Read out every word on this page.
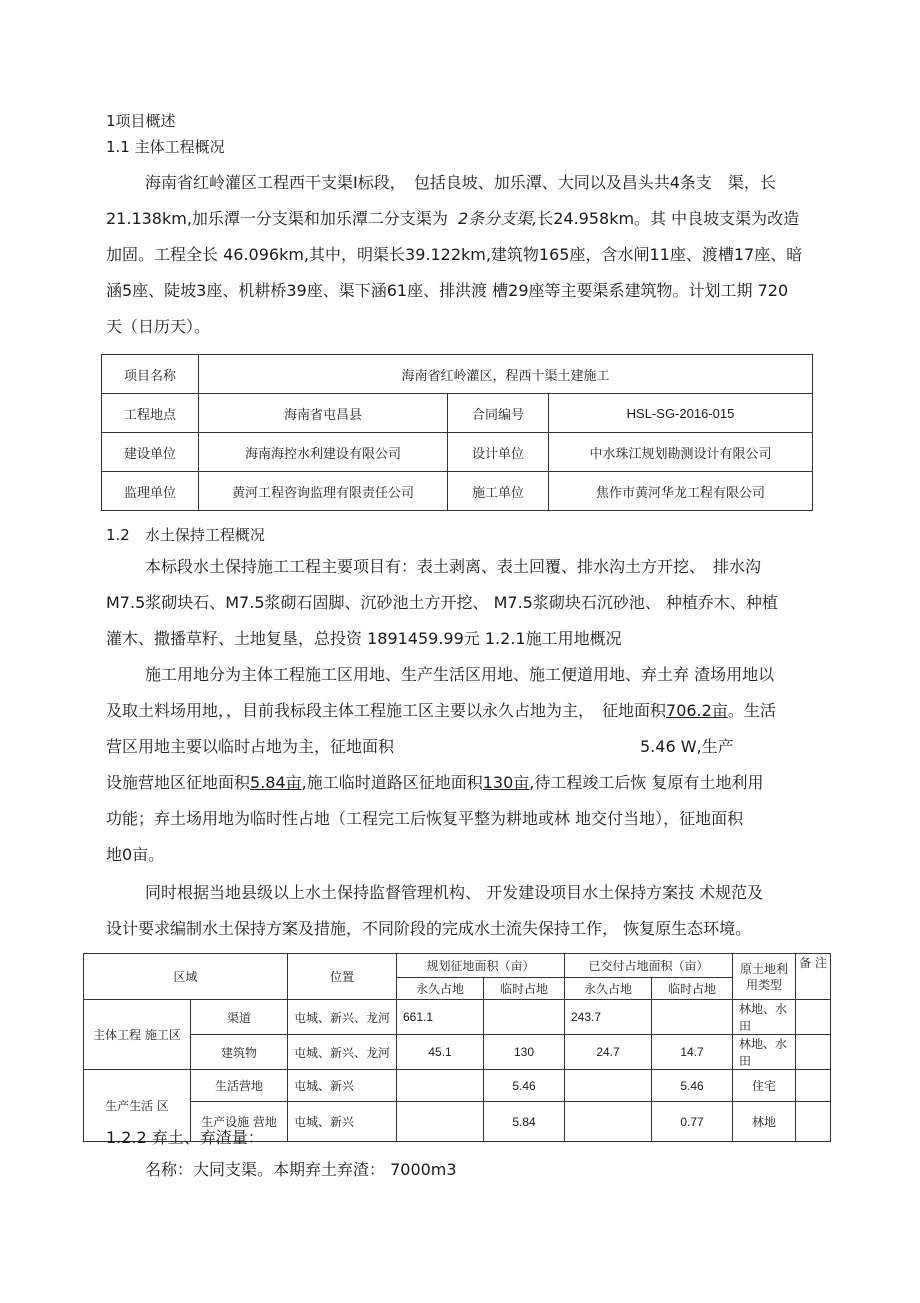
1项目概述
1.1 主体工程概况
海南省红岭灌区工程西干支渠Ⅰ标段，　包括良坡、加乐潭、大同以及昌头共4条支　渠，长
21.138km,加乐潭一分支渠和加乐潭二分支渠为 2条分支渠,长24.958km。其 中良坡支渠为改造
加固。工程全长 46.096km,其中，明渠长39.122km,建筑物165座，含水闸11座、渡槽17座、暗
涵5座、陡坡3座、机耕桥39座、渠下涵61座、排洪渡 槽29座等主要渠系建筑物。计划工期 720
天（日历天）。
项目名称	海南省红岭灌区，程西十渠土建施工		
工程地点	海南省屯昌县	合同编号	HSL-SG-2016-015
建设单位	海南海控水利建设有限公司	设计单位	中水珠江规划勘测设计有限公司
监理单位	黄河工程咨询监理有限责任公司	施工单位	焦作市黄河华龙工程有限公司
1.2　水土保持工程概况
本标段水土保持施工工程主要项目有：表土剥离、表土回覆、排水沟土方开挖、　排水沟
M7.5浆砌块石、M7.5浆砌石固脚、沉砂池土方开挖、 M7.5浆砌块石沉砂池、 种植乔木、种植
灌木、撒播草籽、土地复垦，总投资 1891459.99元 1.2.1施工用地概况
施工用地分为主体工程施工区用地、生产生活区用地、施工便道用地、弃土弃 渣场用地以
及取土料场用地，，目前我标段主体工程施工区主要以永久占地为主，　征地面积706.2亩。生活
营区用地主要以临时占地为主，征地面积	5.46 W,生产
设施营地区征地面积5.84亩,施工临时道路区征地面积130亩,待工程竣工后恢 复原有土地利用
功能；弃土场用地为临时性占地（工程完工后恢复平整为耕地或林 地交付当地），征地面积
地0亩。
同时根据当地县级以上水土保持监督管理机构、 开发建设项目水土保持方案技 术规范及
设计要求编制水土保持方案及措施，不同阶段的完成水土流失保持工作， 恢复原生态环境。
区域		位置	规划征地面积（亩）		已交付占地面积（亩）		原土地利 用类型	备 注
			永久占地	临时占地	永久占地	临时占地		
主体工程 施工区	渠道	屯城、新兴、龙河	661.1		243.7		林地、水田	
	建筑物	屯城、新兴、龙河	45.1	130	24.7	14.7	林地、水田	
生产生活 区	生活营地	屯城、新兴		5.46		5.46	住宅	
	生产设施 营地	屯城、新兴		5.84		0.77	林地	
1.2.2 弃土、弃渣量：
名称：大同支渠。本期弃土弃渣： 7000m3
